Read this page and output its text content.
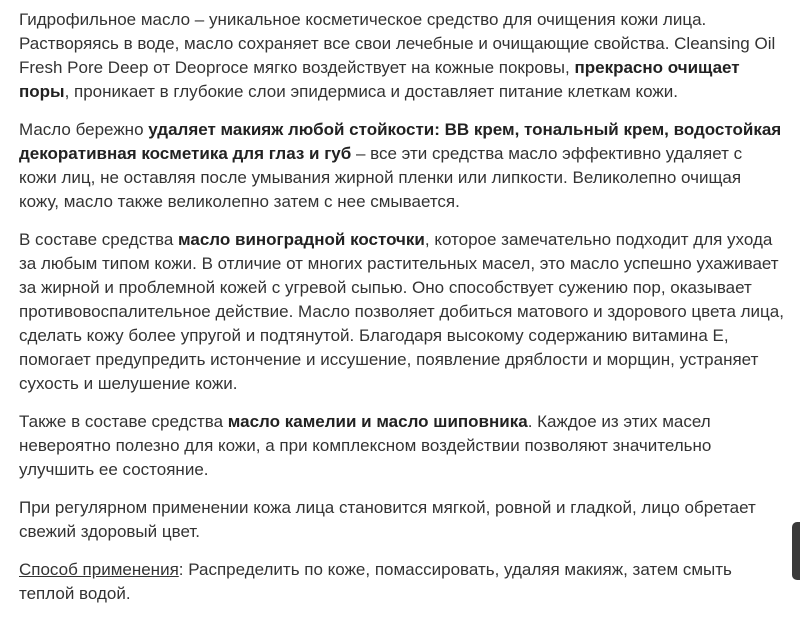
Гидрофильное масло – уникальное косметическое средство для очищения кожи лица. Растворяясь в воде, масло сохраняет все свои лечебные и очищающие свойства. Cleansing Oil Fresh Pore Deep от Deoproce мягко воздействует на кожные покровы, прекрасно очищает поры, проникает в глубокие слои эпидермиса и доставляет питание клеткам кожи.

Масло бережно удаляет макияж любой стойкости: ВВ крем, тональный крем, водостойкая декоративная косметика для глаз и губ – все эти средства масло эффективно удаляет с кожи лиц, не оставляя после умывания жирной пленки или липкости. Великолепно очищая кожу, масло также великолепно затем с нее смывается.

В составе средства масло виноградной косточки, которое замечательно подходит для ухода за любым типом кожи. В отличие от многих растительных масел, это масло успешно ухаживает за жирной и проблемной кожей с угревой сыпью. Оно способствует сужению пор, оказывает противовоспалительное действие. Масло позволяет добиться матового и здорового цвета лица, сделать кожу более упругой и подтянутой. Благодаря высокому содержанию витамина Е, помогает предупредить истончение и иссушение, появление дряблости и морщин, устраняет сухость и шелушение кожи.

Также в составе средства масло камелии и масло шиповника. Каждое из этих масел невероятно полезно для кожи, а при комплексном воздействии позволяют значительно улучшить ее состояние.

При регулярном применении кожа лица становится мягкой, ровной и гладкой, лицо обретает свежий здоровый цвет.

Способ применения: Распределить по коже, помассировать, удаляя макияж, затем смыть теплой водой.
